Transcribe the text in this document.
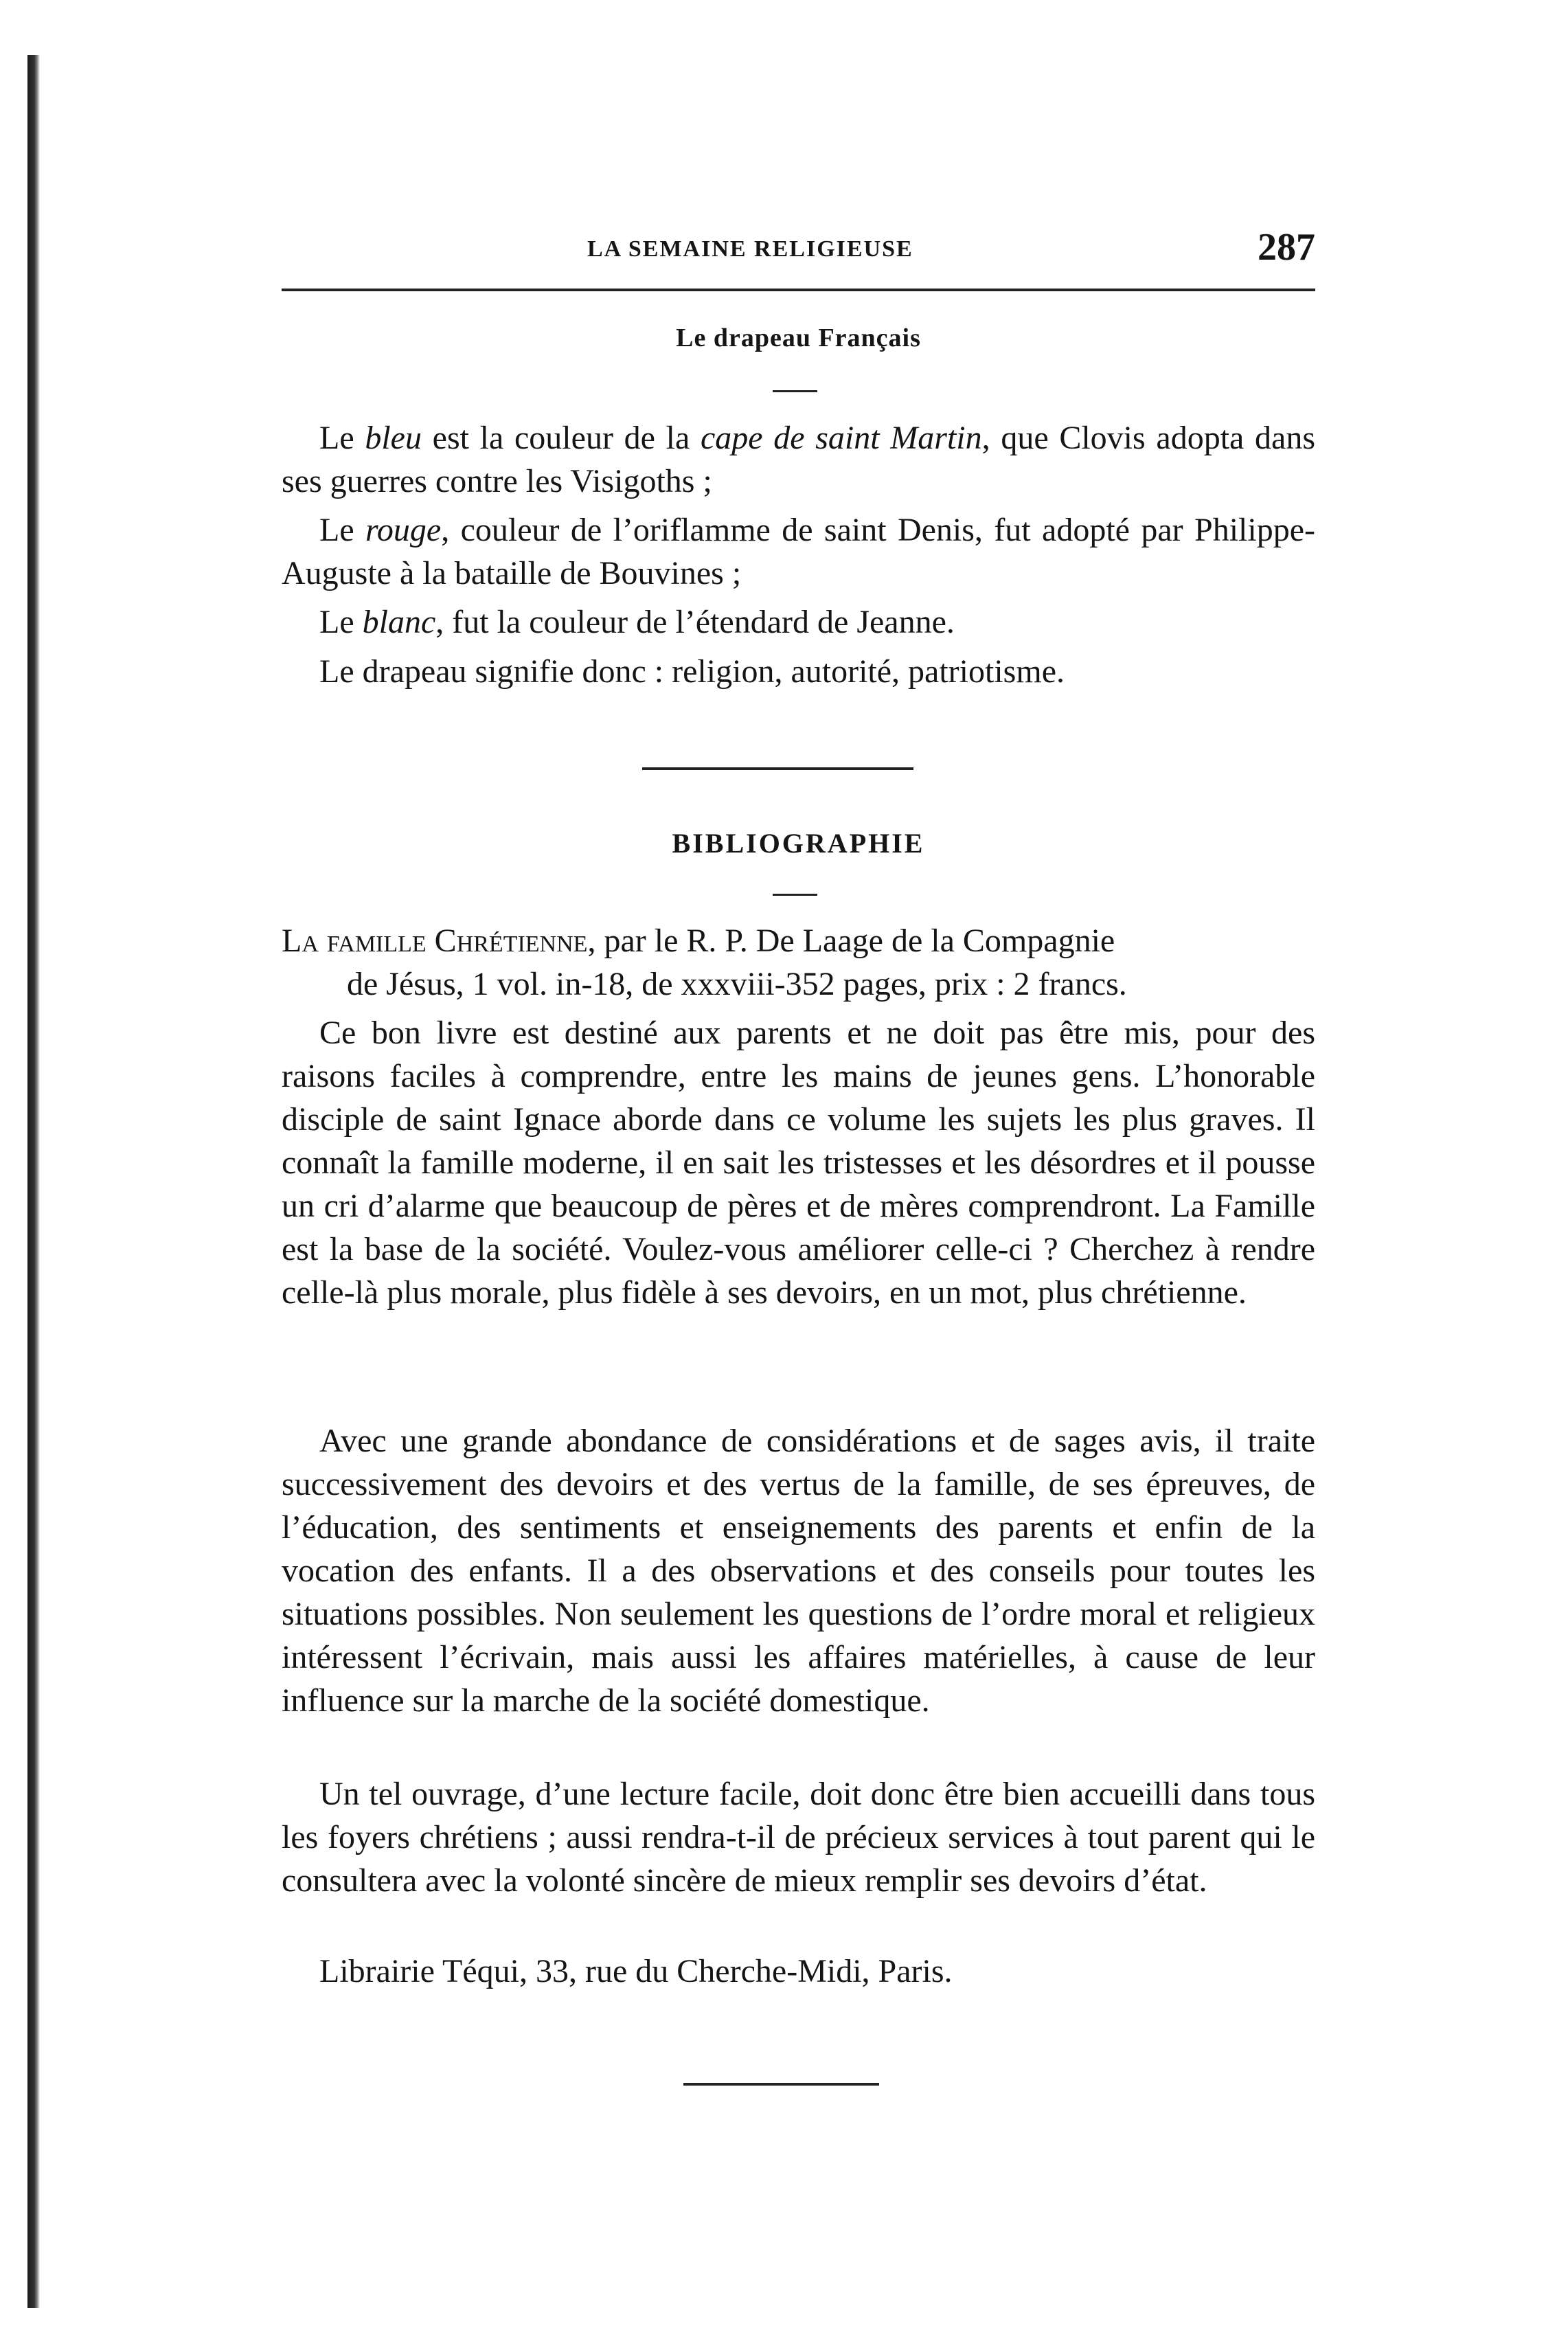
LA SEMAINE RELIGIEUSE	287
Le drapeau Français

Le bleu est la couleur de la cape de saint Martin, que Clovis adopta dans ses guerres contre les Visigoths ;

Le rouge, couleur de l’oriflamme de saint Denis, fut adopté par Philippe-Auguste à la bataille de Bouvines ;

Le blanc, fut la couleur de l’étendard de Jeanne.

Le drapeau signifie donc : religion, autorité, patriotisme.

BIBLIOGRAPHIE

La famille Chrétienne, par le R. P. De Laage de la Compagnie
de Jésus, 1 vol. in-18, de xxxviii-352 pages, prix : 2 francs.

Ce bon livre est destiné aux parents et ne doit pas être mis, pour des raisons faciles à comprendre, entre les mains de jeunes gens. L’honorable disciple de saint Ignace aborde dans ce volume les sujets les plus graves. Il connaît la famille moderne, il en sait les tristesses et les désordres et il pousse un cri d’alarme que beaucoup de pères et de mères comprendront. La Famille est la base de la société. Voulez-vous améliorer celle-ci ? Cherchez à rendre celle-là plus morale, plus fidèle à ses devoirs, en un mot, plus chrétienne.

Avec une grande abondance de considérations et de sages avis, il traite successivement des devoirs et des vertus de la famille, de ses épreuves, de l’éducation, des sentiments et enseignements des parents et enfin de la vocation des enfants. Il a des observations et des conseils pour toutes les situations possibles. Non seulement les questions de l’ordre moral et religieux intéressent l’écrivain, mais aussi les affaires matérielles, à cause de leur influence sur la marche de la société domestique.

Un tel ouvrage, d’une lecture facile, doit donc être bien accueilli dans tous les foyers chrétiens ; aussi rendra-t-il de précieux services à tout parent qui le consultera avec la volonté sincère de mieux remplir ses devoirs d’état.

Librairie Téqui, 33, rue du Cherche-Midi, Paris.
